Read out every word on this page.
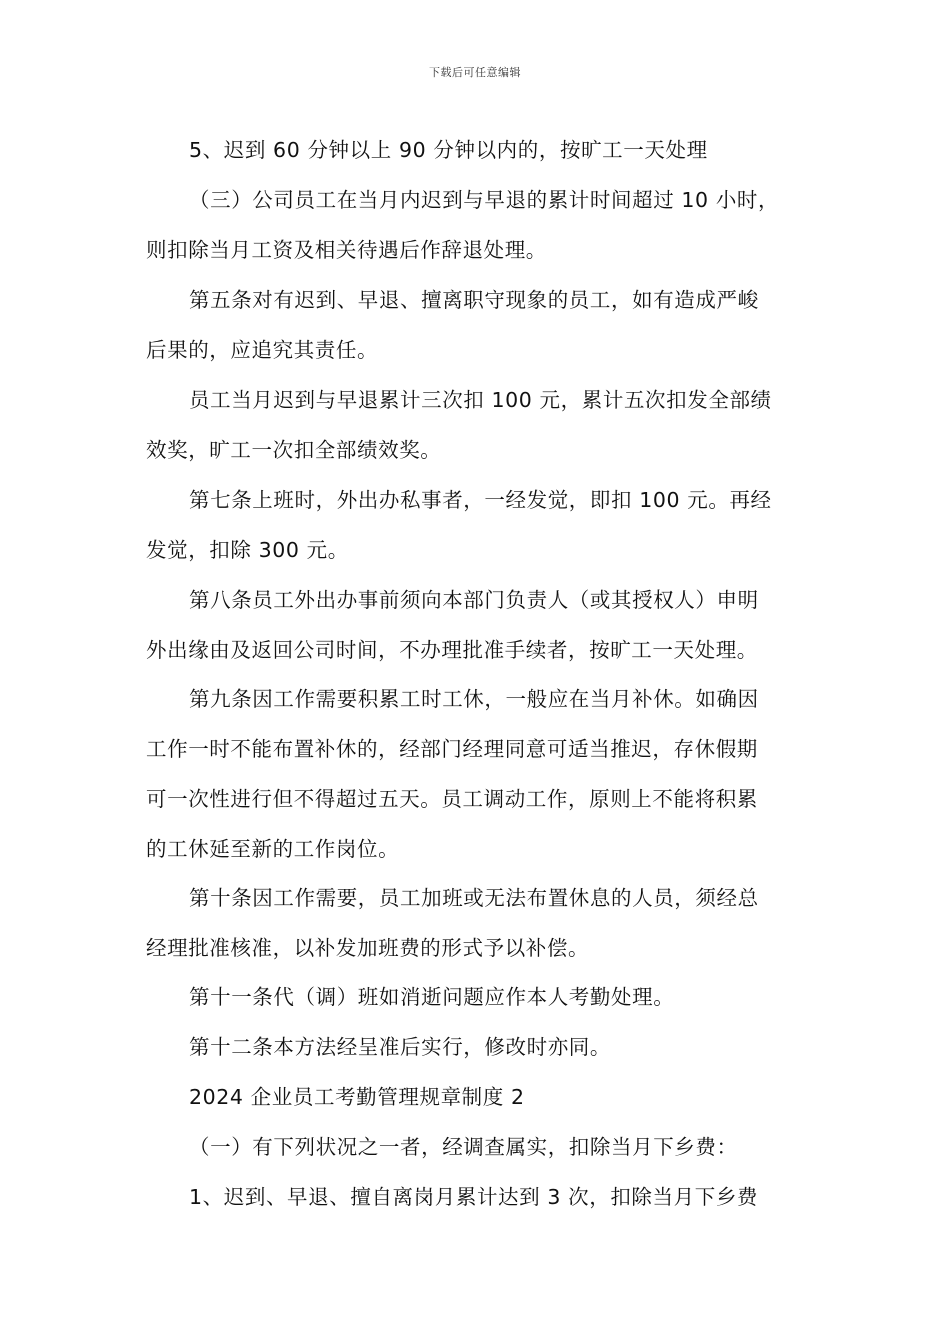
下载后可任意编辑
5、迟到 60 分钟以上 90 分钟以内的，按旷工一天处理
（三）公司员工在当月内迟到与早退的累计时间超过 10 小时，
则扣除当月工资及相关待遇后作辞退处理。
第五条对有迟到、早退、擅离职守现象的员工，如有造成严峻
后果的，应追究其责任。
员工当月迟到与早退累计三次扣 100 元，累计五次扣发全部绩
效奖，旷工一次扣全部绩效奖。
第七条上班时，外出办私事者，一经发觉，即扣 100 元。再经
发觉，扣除 300 元。
第八条员工外出办事前须向本部门负责人（或其授权人）申明
外出缘由及返回公司时间，不办理批准手续者，按旷工一天处理。
第九条因工作需要积累工时工休，一般应在当月补休。如确因
工作一时不能布置补休的，经部门经理同意可适当推迟，存休假期
可一次性进行但不得超过五天。员工调动工作，原则上不能将积累
的工休延至新的工作岗位。
第十条因工作需要，员工加班或无法布置休息的人员，须经总
经理批准核准，以补发加班费的形式予以补偿。
第十一条代（调）班如消逝问题应作本人考勤处理。
第十二条本方法经呈准后实行，修改时亦同。
2024 企业员工考勤管理规章制度 2
（一）有下列状况之一者，经调查属实，扣除当月下乡费：
1、迟到、早退、擅自离岗月累计达到 3 次，扣除当月下乡费
